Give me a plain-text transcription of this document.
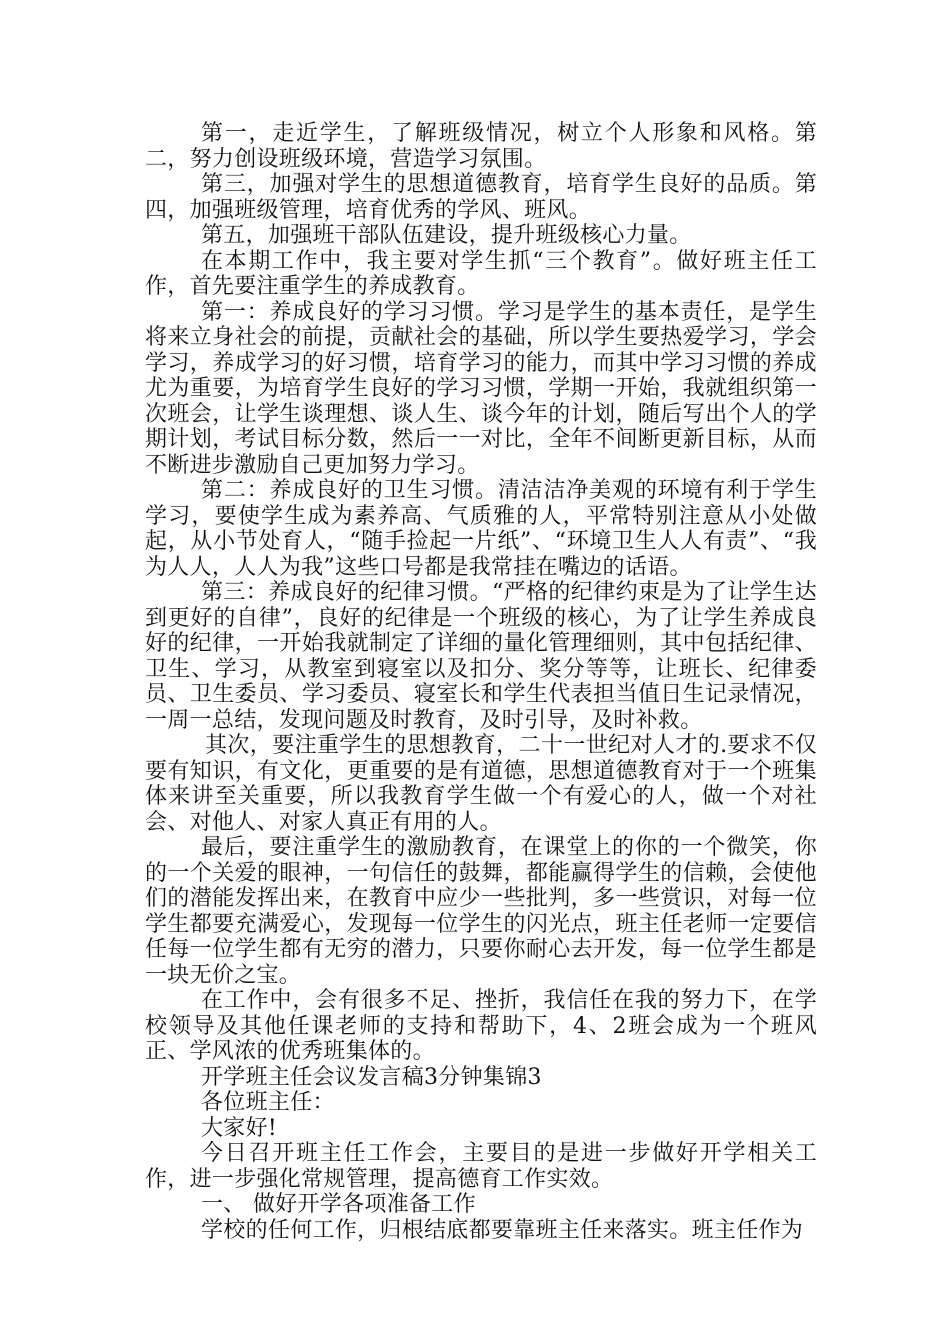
第一，走近学生，了解班级情况，树立个人形象和风格。第二，努力创设班级环境，营造学习氛围。

第三，加强对学生的思想道德教育，培育学生良好的品质。第四，加强班级管理，培育优秀的学风、班风。

第五，加强班干部队伍建设，提升班级核心力量。

在本期工作中，我主要对学生抓“三个教育”。做好班主任工作，首先要注重学生的养成教育。

第一：养成良好的学习习惯。学习是学生的基本责任，是学生将来立身社会的前提，贡献社会的基础，所以学生要热爱学习，学会学习，养成学习的好习惯，培育学习的能力，而其中学习习惯的养成尤为重要，为培育学生良好的学习习惯，学期一开始，我就组织第一次班会，让学生谈理想、谈人生、谈今年的计划，随后写出个人的学期计划，考试目标分数，然后一一对比，全年不间断更新目标，从而不断进步激励自己更加努力学习。

第二：养成良好的卫生习惯。清洁洁净美观的环境有利于学生学习，要使学生成为素养高、气质雅的人，平常特别注意从小处做起，从小节处育人，“随手捡起一片纸”、“环境卫生人人有责”、“我为人人，人人为我”这些口号都是我常挂在嘴边的话语。

第三：养成良好的纪律习惯。“严格的纪律约束是为了让学生达到更好的自律”，良好的纪律是一个班级的核心，为了让学生养成良好的纪律，一开始我就制定了详细的量化管理细则，其中包括纪律、卫生、学习，从教室到寝室以及扣分、奖分等等，让班长、纪律委员、卫生委员、学习委员、寝室长和学生代表担当值日生记录情况，一周一总结，发现问题及时教育，及时引导，及时补救。

其次，要注重学生的思想教育，二十一世纪对人才的.要求不仅要有知识，有文化，更重要的是有道德，思想道德教育对于一个班集体来讲至关重要，所以我教育学生做一个有爱心的人，做一个对社会、对他人、对家人真正有用的人。

最后，要注重学生的激励教育，在课堂上的你的一个微笑，你的一个关爱的眼神，一句信任的鼓舞，都能赢得学生的信赖，会使他们的潜能发挥出来，在教育中应少一些批判，多一些赏识，对每一位学生都要充满爱心，发现每一位学生的闪光点，班主任老师一定要信任每一位学生都有无穷的潜力，只要你耐心去开发，每一位学生都是一块无价之宝。

在工作中，会有很多不足、挫折，我信任在我的努力下，在学校领导及其他任课老师的支持和帮助下，4、2班会成为一个班风正、学风浓的优秀班集体的。

开学班主任会议发言稿3分钟集锦3

各位班主任：

大家好!

今日召开班主任工作会，主要目的是进一步做好开学相关工作，进一步强化常规管理，提高德育工作实效。

一、 做好开学各项准备工作

学校的任何工作，归根结底都要靠班主任来落实。班主任作为
